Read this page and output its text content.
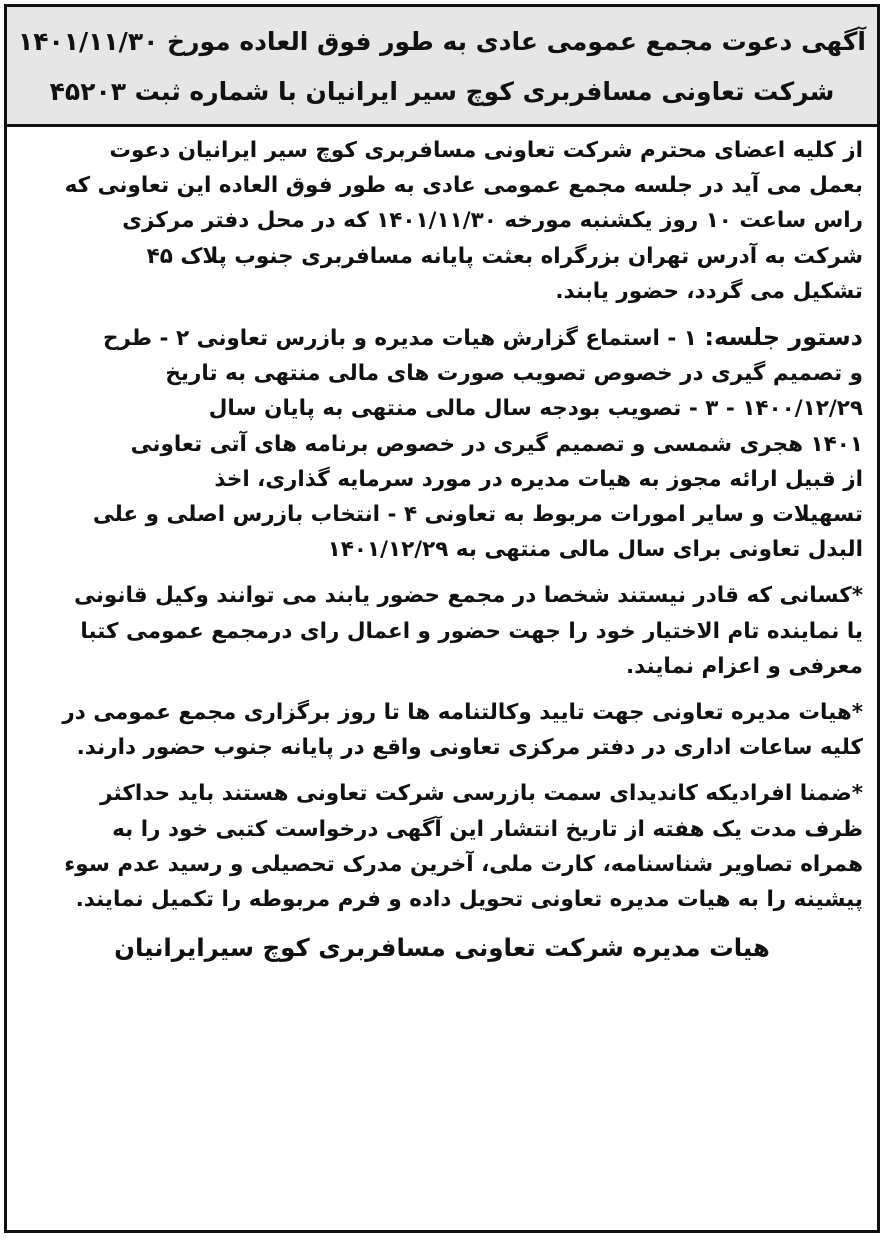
آگهی دعوت مجمع عمومی عادی به طور فوق العاده مورخ ۱۴۰۱/۱۱/۳۰
شرکت تعاونی مسافربری کوچ سیر ایرانیان با شماره ثبت ۴۵۲۰۳
از کلیه اعضای محترم شرکت تعاونی مسافربری کوچ سیر ایرانیان دعوت
بعمل می آید در جلسه مجمع عمومی عادی به طور فوق العاده این تعاونی که
راس ساعت ۱۰ روز یکشنبه مورخه ۱۴۰۱/۱۱/۳۰ که در محل دفتر مرکزی
شرکت به آدرس تهران بزرگراه بعثت پایانه مسافربری جنوب پلاک ۴۵
تشکیل می گردد، حضور یابند.
دستور جلسه: ۱ - استماع گزارش هیات مدیره و بازرس تعاونی ۲ - طرح
و تصمیم گیری در خصوص تصویب صورت های مالی منتهی به تاریخ
۱۴۰۰/۱۲/۲۹ - ۳ - تصویب بودجه سال مالی منتهی به پایان سال
۱۴۰۱ هجری شمسی و تصمیم گیری در خصوص برنامه های آتی تعاونی
از قبیل ارائه مجوز به هیات مدیره در مورد سرمایه گذاری، اخذ
تسهیلات و سایر امورات مربوط به تعاونی ۴ - انتخاب بازرس اصلی و علی
البدل تعاونی برای سال مالی منتهی به ۱۴۰۱/۱۲/۲۹
*کسانی که قادر نیستند شخصا در مجمع حضور یابند می توانند وکیل قانونی
یا نماینده تام الاختیار خود را جهت حضور و اعمال رای درمجمع عمومی کتبا
معرفی و اعزام نمایند.
*هیات مدیره تعاونی جهت تایید وکالتنامه ها تا روز برگزاری مجمع عمومی در
کلیه ساعات اداری در دفتر مرکزی تعاونی واقع در پایانه جنوب حضور دارند.
*ضمنا افرادیکه کاندیدای سمت بازرسی شرکت تعاونی هستند باید حداکثر
ظرف مدت یک هفته از تاریخ انتشار این آگهی درخواست کتبی خود را به
همراه تصاویر شناسنامه، کارت ملی، آخرین مدرک تحصیلی و رسید عدم سوء
پیشینه را به هیات مدیره تعاونی تحویل داده و فرم مربوطه را تکمیل نمایند.
هیات مدیره شرکت تعاونی مسافربری کوچ سیرایرانیان
